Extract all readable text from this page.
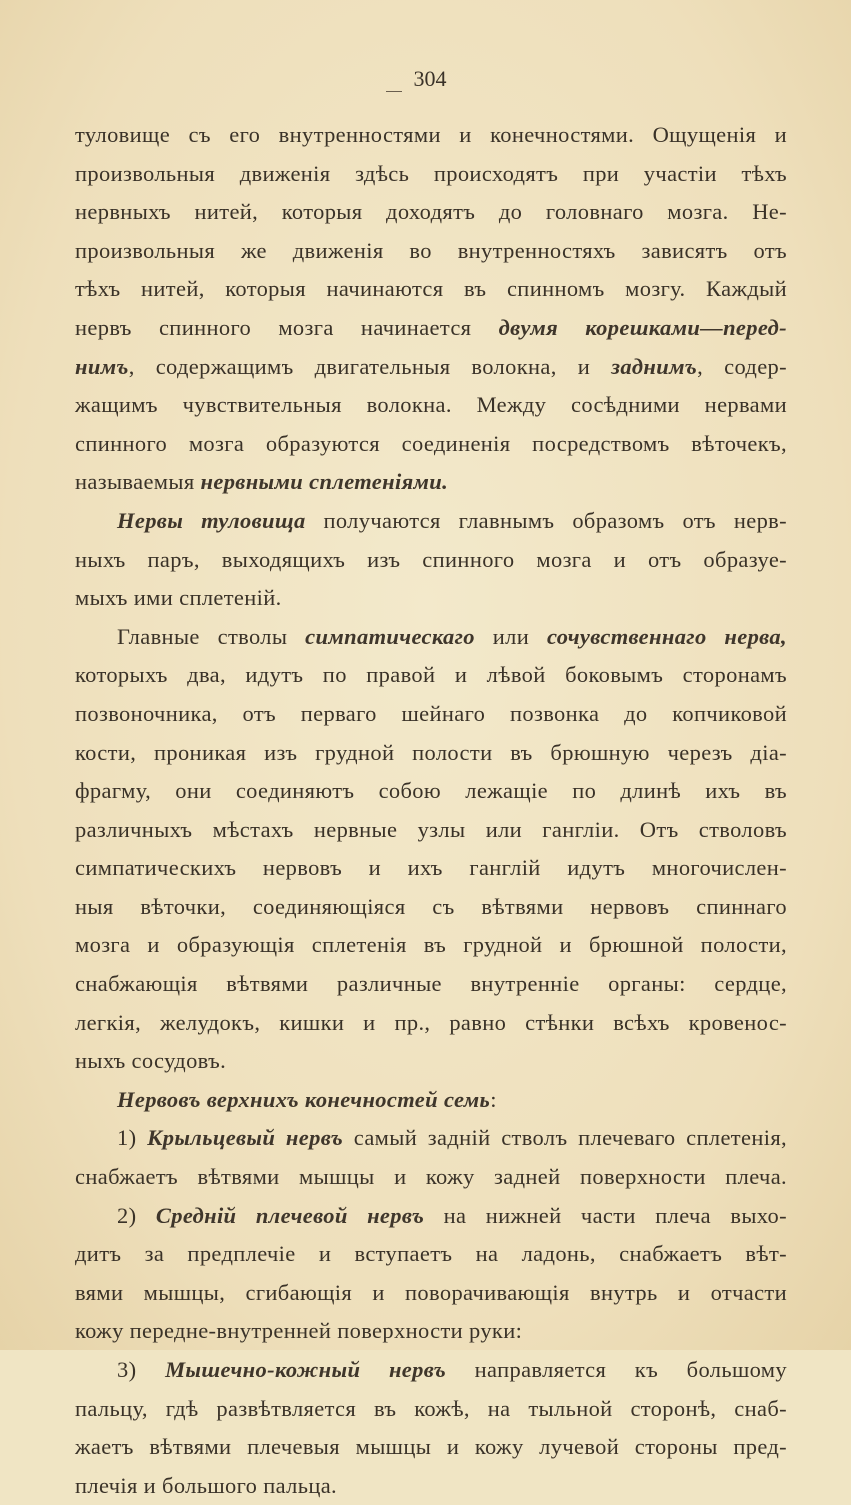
304
туловище съ его внутренностями и конечностями. Ощущенія и
произвольныя движенія здѣсь происходятъ при участіи тѣхъ
нервныхъ нитей, которыя доходятъ до головнаго мозга. Не-
произвольныя же движенія во внутренностяхъ зависятъ отъ
тѣхъ нитей, которыя начинаются въ спинномъ мозгу. Каждый
нервъ спинного мозга начинается двумя корешками—перед-
нимъ, содержащимъ двигательныя волокна, и заднимъ, содер-
жащимъ чувствительныя волокна. Между сосѣдними нервами
спинного мозга образуются соединенія посредствомъ вѣточекъ,
называемыя нервными сплетеніями.
Нервы туловища получаются главнымъ образомъ отъ нерв-
ныхъ паръ, выходящихъ изъ спинного мозга и отъ образуе-
мыхъ ими сплетеній.
Главные стволы симпатическаго или сочувственнаго нерва,
которыхъ два, идутъ по правой и лѣвой боковымъ сторонамъ
позвоночника, отъ перваго шейнаго позвонка до копчиковой
кости, проникая изъ грудной полости въ брюшную черезъ діа-
фрагму, они соединяютъ собою лежащіе по длинѣ ихъ въ
различныхъ мѣстахъ нервные узлы или гангліи. Отъ стволовъ
симпатическихъ нервовъ и ихъ ганглій идутъ многочислен-
ныя вѣточки, соединяющіяся съ вѣтвями нервовъ спиннаго
мозга и образующія сплетенія въ грудной и брюшной полости,
снабжающія вѣтвями различные внутренніе органы: сердце,
легкія, желудокъ, кишки и пр., равно стѣнки всѣхъ кровенос-
ныхъ сосудовъ.
Нервовъ верхнихъ конечностей семь:
1) Крыльцевый нервъ самый задній стволъ плечеваго сплетенія,
снабжаетъ вѣтвями мышцы и кожу задней поверхности плеча.
2) Средній плечевой нервъ на нижней части плеча выхо-
дитъ за предплечіе и вступаетъ на ладонь, снабжаетъ вѣт-
вями мышцы, сгибающія и поворачивающія внутрь и отчасти
кожу передне-внутренней поверхности руки:
3) Мышечно-кожный нервъ направляется къ большому
пальцу, гдѣ развѣтвляется въ кожѣ, на тыльной сторонѣ, снаб-
жаетъ вѣтвями плечевыя мышцы и кожу лучевой стороны пред-
плечія и большого пальца.
